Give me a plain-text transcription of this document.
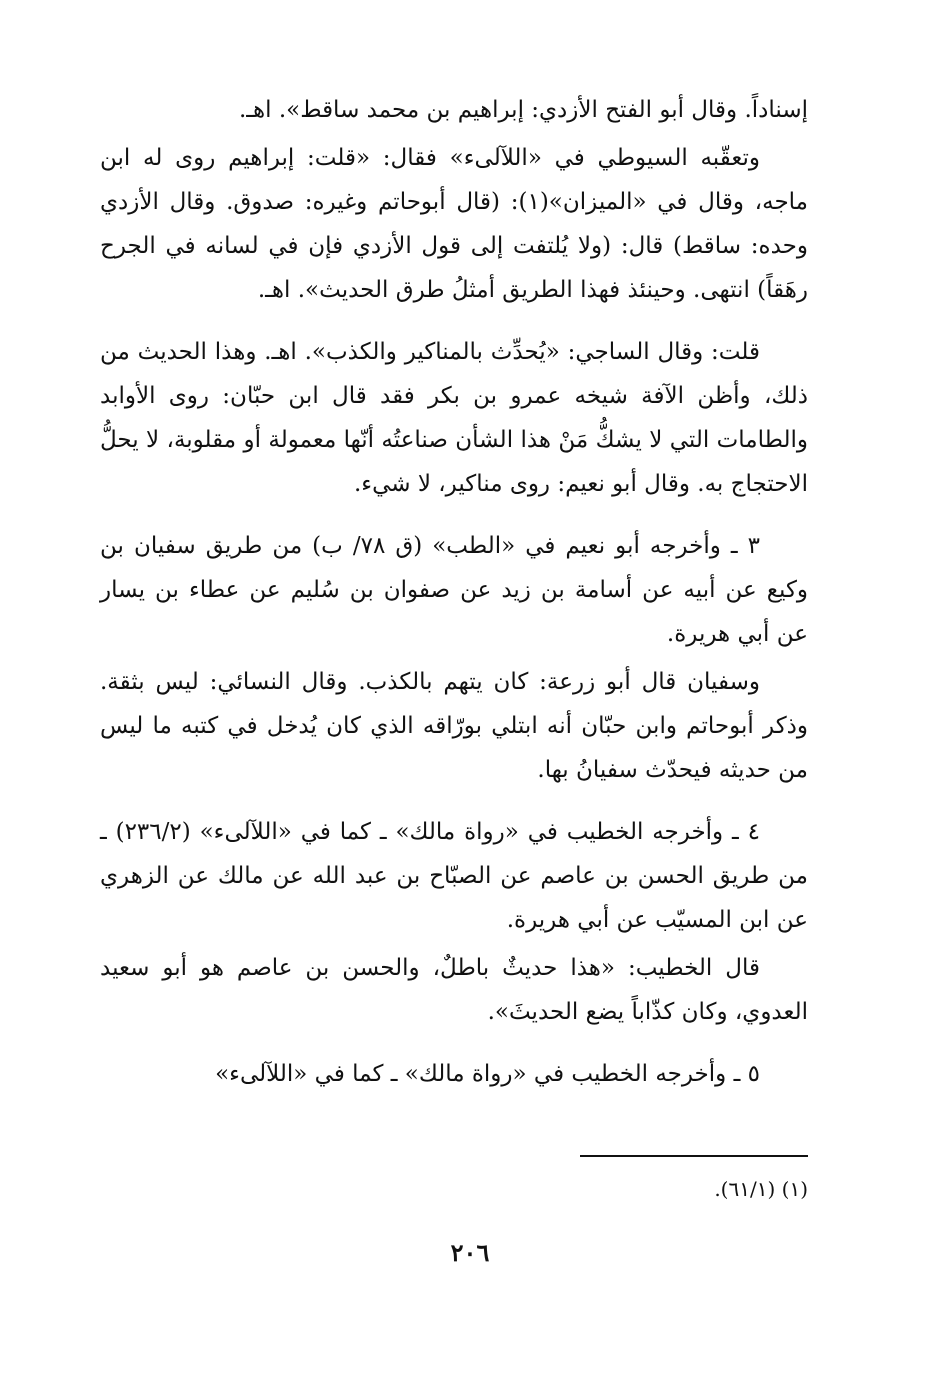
إسناداً. وقال أبو الفتح الأزدي: إبراهيم بن محمد ساقط». اهـ.

وتعقّبه السيوطي في «اللآلىء» فقال: «قلت: إبراهيم روى له ابن ماجه، وقال في «الميزان»(١): (قال أبوحاتم وغيره: صدوق. وقال الأزدي وحده: ساقط) قال: (ولا يُلتفت إلى قول الأزدي فإن في لسانه في الجرح رهَقاً) انتهى. وحينئذ فهذا الطريق أمثلُ طرق الحديث». اهـ.

قلت: وقال الساجي: «يُحدِّث بالمناكير والكذب». اهـ. وهذا الحديث من ذلك، وأظن الآفة شيخه عمرو بن بكر فقد قال ابن حبّان: روى الأوابد والطامات التي لا يشكُّ مَنْ هذا الشأن صناعتُه أنّها معمولة أو مقلوبة، لا يحلُّ الاحتجاج به. وقال أبو نعيم: روى مناكير، لا شيء.

٣ ـ وأخرجه أبو نعيم في «الطب» (ق ٧٨/ ب) من طريق سفيان بن وكيع عن أبيه عن أسامة بن زيد عن صفوان بن سُليم عن عطاء بن يسار عن أبي هريرة.

وسفيان قال أبو زرعة: كان يتهم بالكذب. وقال النسائي: ليس بثقة. وذكر أبوحاتم وابن حبّان أنه ابتلي بورّاقه الذي كان يُدخل في كتبه ما ليس من حديثه فيحدّث سفيانُ بها.

٤ ـ وأخرجه الخطيب في «رواة مالك» ـ كما في «اللآلىء» (٢٣٦/٢) ـ من طريق الحسن بن عاصم عن الصبّاح بن عبد الله عن مالك عن الزهري عن ابن المسيّب عن أبي هريرة.

قال الخطيب: «هذا حديثٌ باطلٌ، والحسن بن عاصم هو أبو سعيد العدوي، وكان كذّاباً يضع الحديثَ».

٥ ـ وأخرجه الخطيب في «رواة مالك» ـ كما في «اللآلىء»

(١) (٦١/١).
٢٠٦
